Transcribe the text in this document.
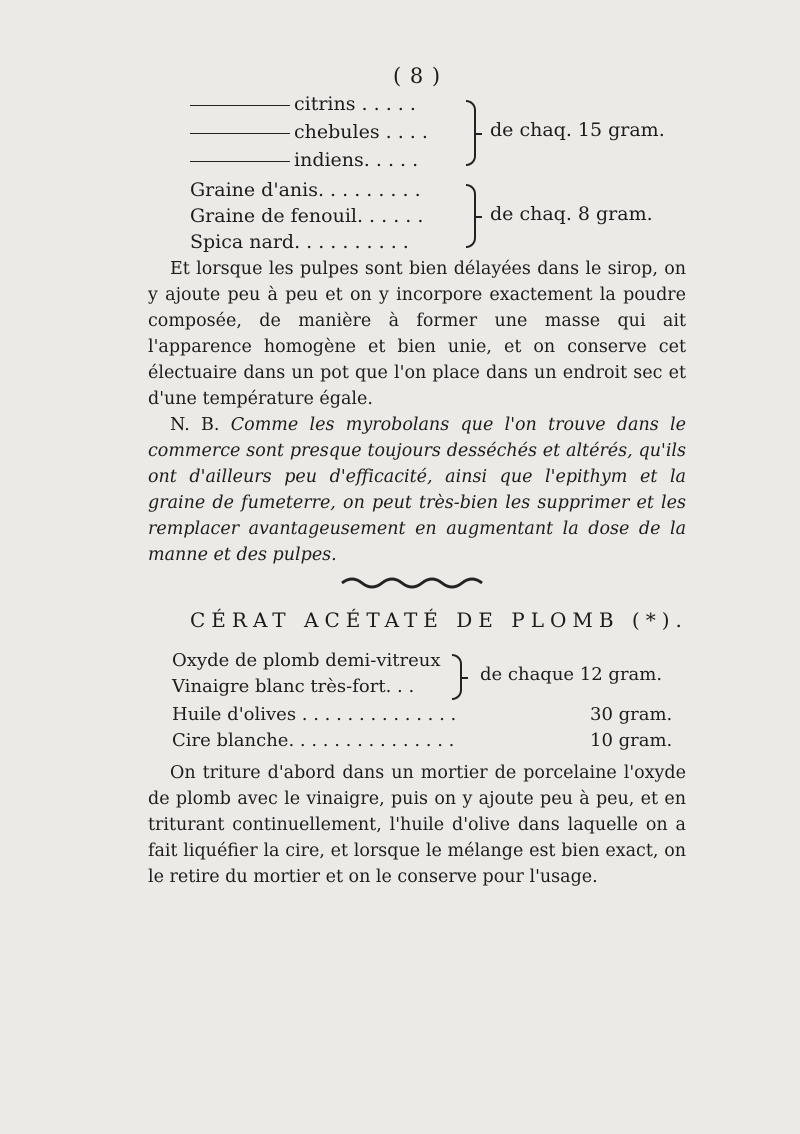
( 8 )
citrins . . . . .
chebules . . . .
indiens. . . . .
de chaq. 15 gram.
Graine d'anis. . . . . . . . .
Graine de fenouil. . . . . .
Spica nard. . . . . . . . . .
de chaq. 8 gram.

Et lorsque les pulpes sont bien délayées dans le sirop, on y ajoute peu à peu et on y incorpore exactement la poudre composée, de manière à former une masse qui ait l'apparence homogène et bien unie, et on conserve cet électuaire dans un pot que l'on place dans un endroit sec et d'une température égale.

N. B. Comme les myrobolans que l'on trouve dans le commerce sont presque toujours desséchés et altérés, qu'ils ont d'ailleurs peu d'efficacité, ainsi que l'epithym et la graine de fumeterre, on peut très-bien les supprimer et les remplacer avantageusement en augmentant la dose de la manne et des pulpes.

CÉRAT ACÉTATÉ DE PLOMB (*).
Oxyde de plomb demi-vitreux
Vinaigre blanc très-fort. . .
de chaque 12 gram.
Huile d'olives . . . . . . . . . . . . . .	30 gram.
Cire blanche. . . . . . . . . . . . . . .	10 gram.

On triture d'abord dans un mortier de porcelaine l'oxyde de plomb avec le vinaigre, puis on y ajoute peu à peu, et en triturant continuellement, l'huile d'olive dans laquelle on a fait liquéfier la cire, et lorsque le mélange est bien exact, on le retire du mortier et on le conserve pour l'usage.
